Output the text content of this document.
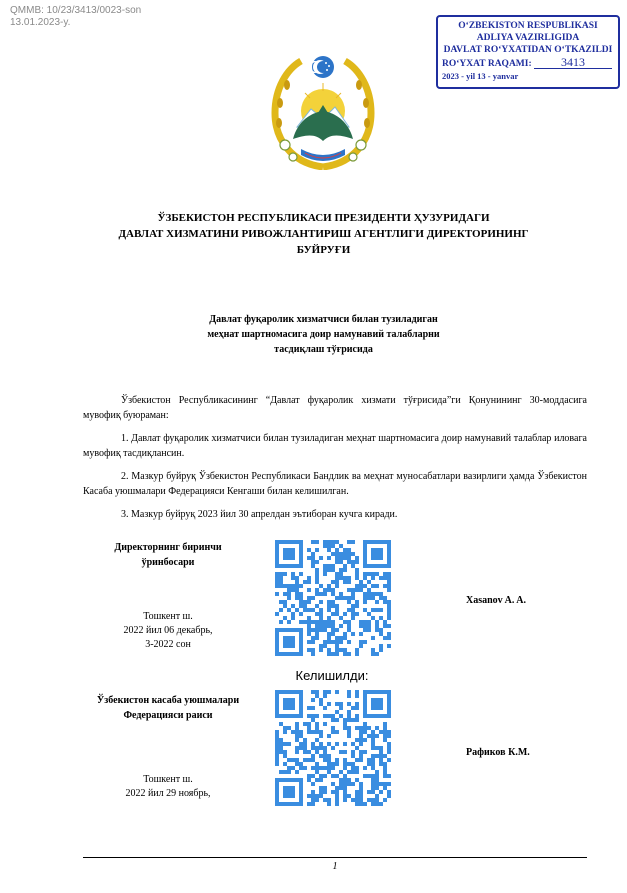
QMMB: 10/23/3413/0023-son
13.01.2023-y.	O‘ZBEKISTON RESPUBLIKASI
ADLIYA VAZIRLIGIDA
DAVLAT RO‘YXATIDAN O‘TKAZILDI
RO‘YXAT RAQAMI: 3413
2023 - yil 13 - yanvar
ЎЗБЕКИСТОН РЕСПУБЛИКАСИ ПРЕЗИДЕНТИ ҲУЗУРИДАГИ
ДАВЛАТ ХИЗМАТИНИ РИВОЖЛАНТИРИШ АГЕНТЛИГИ ДИРЕКТОРИНИНГ
БУЙРУҒИ
Давлат фуқаролик хизматчиси билан тузиладиган
меҳнат шартномасига доир намунавий талабларни
тасдиқлаш тўғрисида

Ўзбекистон Республикасининг “Давлат фуқаролик хизмати тўғрисида”ги Қонунининг 30-моддасига мувофиқ буюраман:

1. Давлат фуқаролик хизматчиси билан тузиладиган меҳнат шартномасига доир намунавий талаблар иловага мувофиқ тасдиқлансин.

2. Мазкур буйруқ Ўзбекистон Республикаси Бандлик ва меҳнат муносабатлари вазирлиги ҳамда Ўзбекистон Касаба уюшмалари Федерацияси Кенгаши билан келишилган.

3. Мазкур буйруқ 2023 йил 30 апрелдан эътиборан кучга киради.

Директорнинг биринчи
ўринбосари
Тошкент ш.
2022 йил 06 декабрь,
3-2022 сон
Xasanov A. A.
Келишилди:
Ўзбекистон касаба уюшмалари
Федерацияси раиси
Тошкент ш.
2022 йил 29 ноябрь,
Рафиков К.М.
1
